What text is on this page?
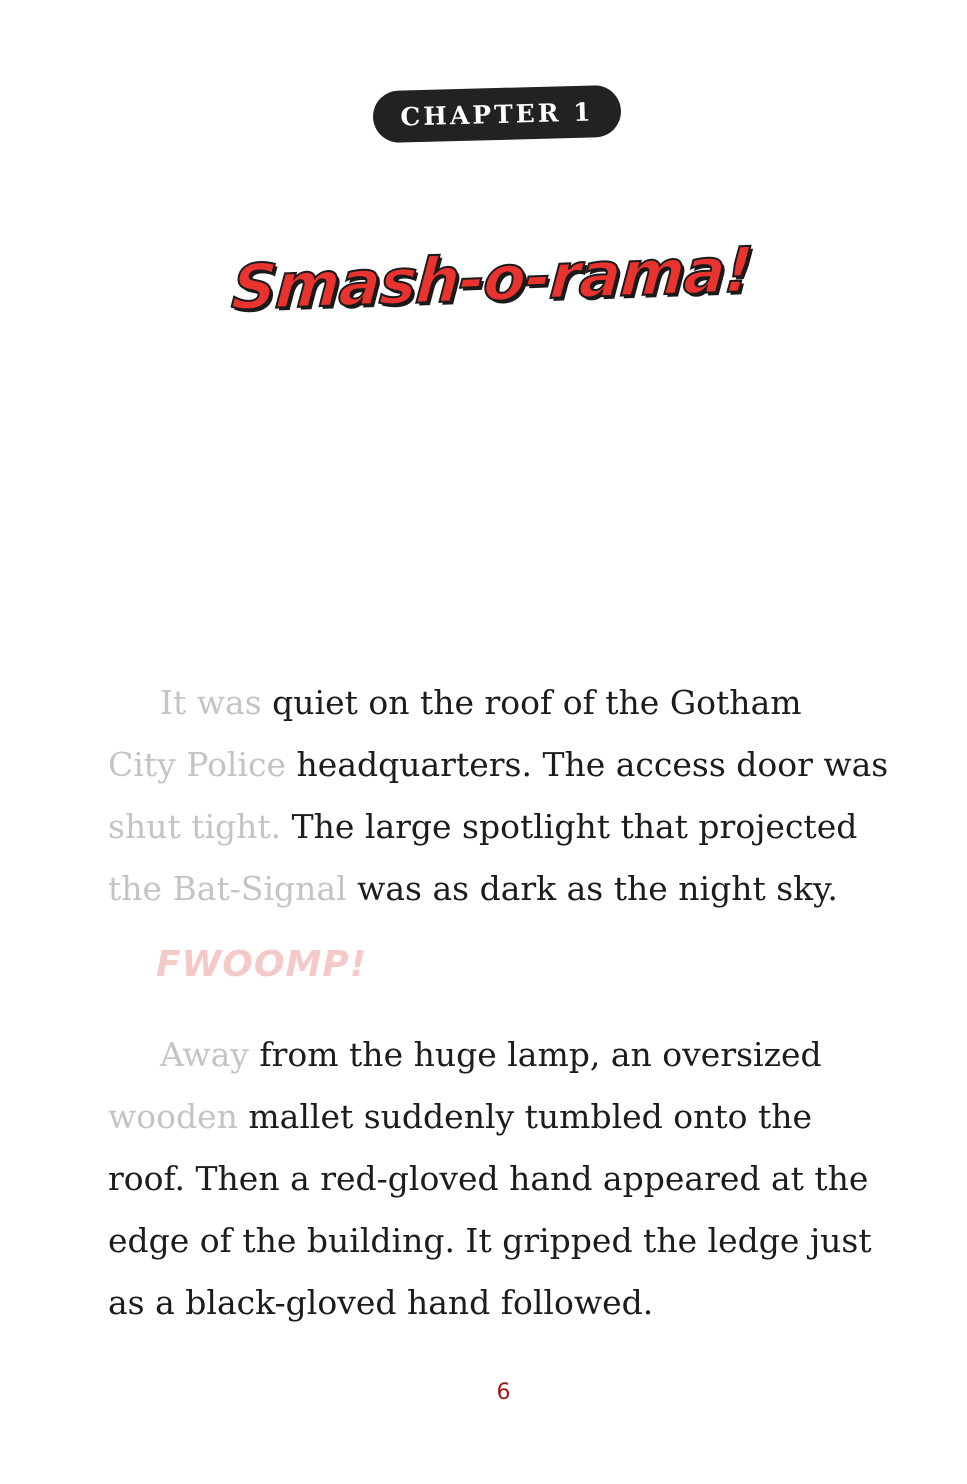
CHAPTER 1
Smash-o-rama!
It was quiet on the roof of the Gotham
City Police headquarters. The access door was
shut tight. The large spotlight that projected
the Bat-Signal was as dark as the night sky.
FWOOMP!
Away from the huge lamp, an oversized
wooden mallet suddenly tumbled onto the
roof. Then a red-gloved hand appeared at the
edge of the building. It gripped the ledge just
as a black-gloved hand followed.
6
